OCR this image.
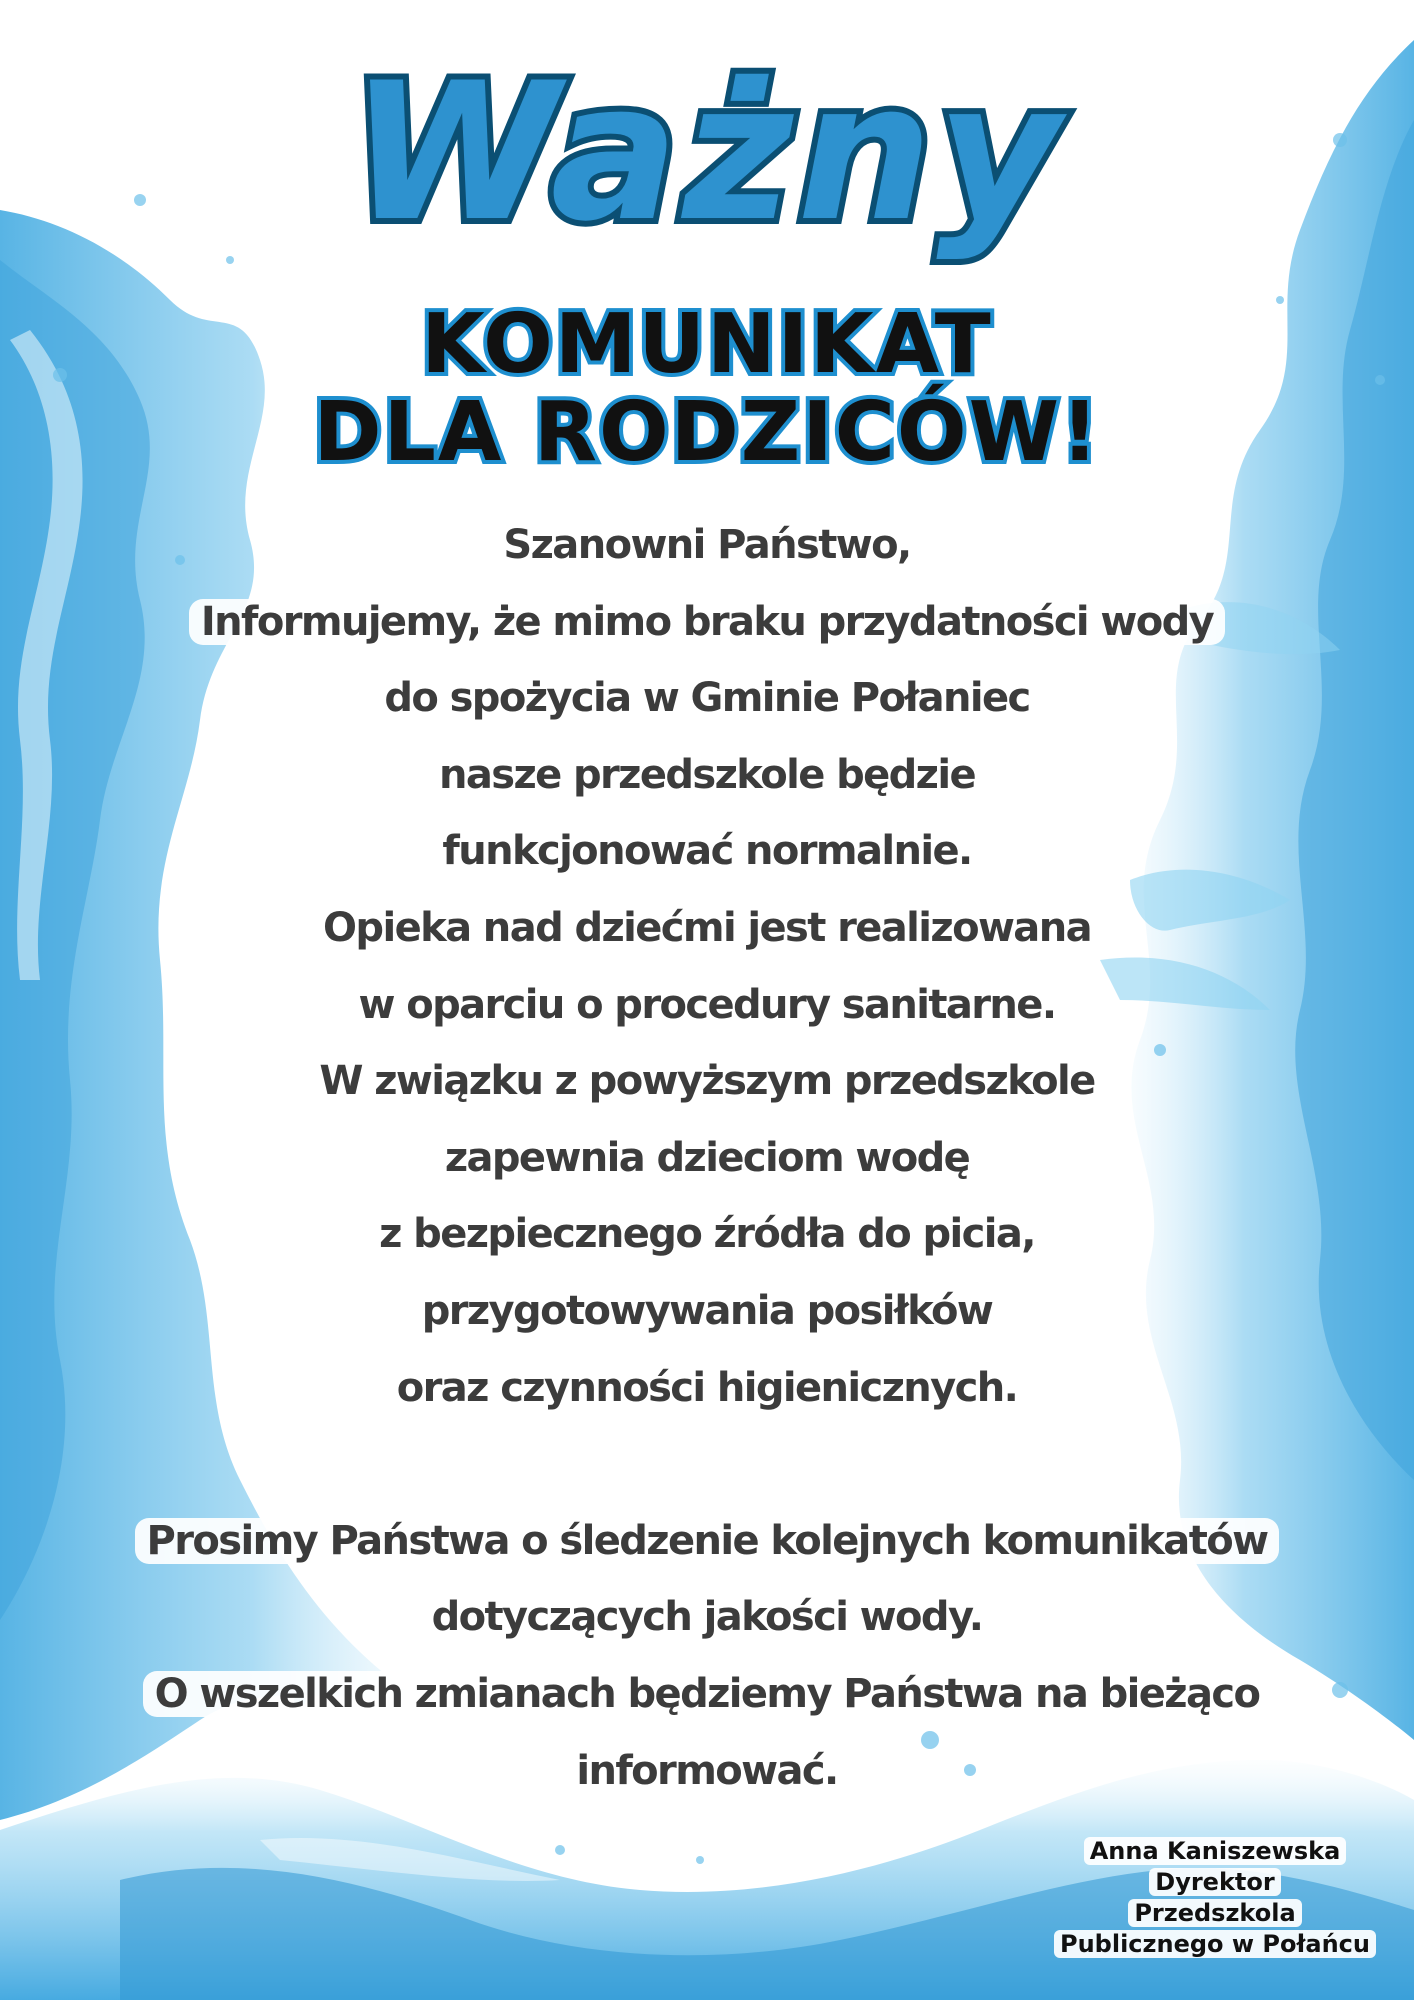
Ważny
KOMUNIKAT
DLA RODZICÓW!
Szanowni Państwo,
Informujemy, że mimo braku przydatności wody
do spożycia w Gminie Połaniec
nasze przedszkole będzie
funkcjonować normalnie.
Opieka nad dziećmi jest realizowana
w oparciu o procedury sanitarne.
W związku z powyższym przedszkole
zapewnia dzieciom wodę
z bezpiecznego źródła do picia,
przygotowywania posiłków
oraz czynności higienicznych.
Prosimy Państwa o śledzenie kolejnych komunikatów
dotyczących jakości wody.
O wszelkich zmianach będziemy Państwa na bieżąco
informować.
Anna Kaniszewska
Dyrektor
Przedszkola
Publicznego w Połańcu
